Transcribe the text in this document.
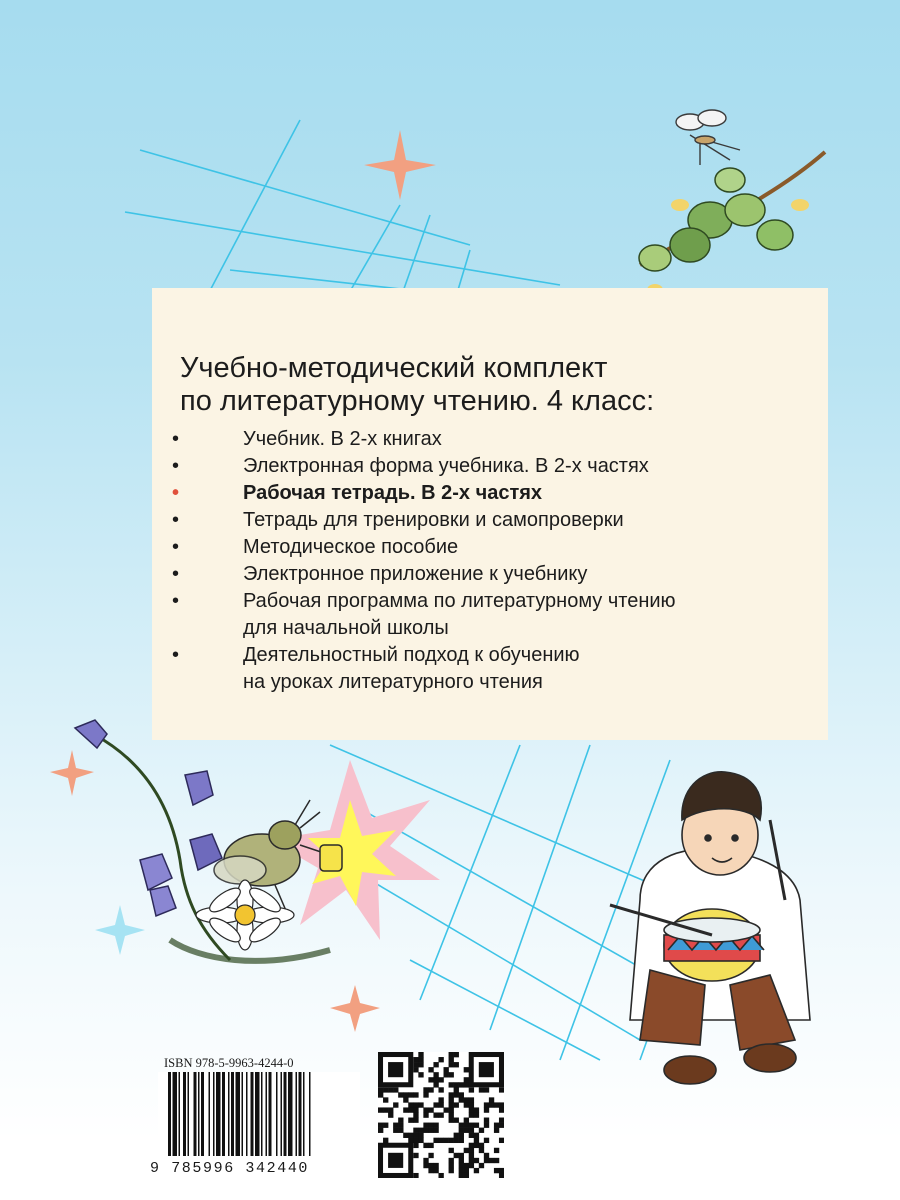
Учебно-методический комплект
по литературному чтению. 4 класс:
•	Учебник. В 2-х книгах
•	Электронная форма учебника. В 2-х частях
•	Рабочая тетрадь. В 2-х частях
•	Тетрадь для тренировки и самопроверки
•	Методическое пособие
•	Электронное приложение к учебнику
•	Рабочая программа по литературному чтению
для начальной школы
•	Деятельностный подход к обучению
на уроках литературного чтения
ISBN 978-5-9963-4244-0
9 785996 342440
